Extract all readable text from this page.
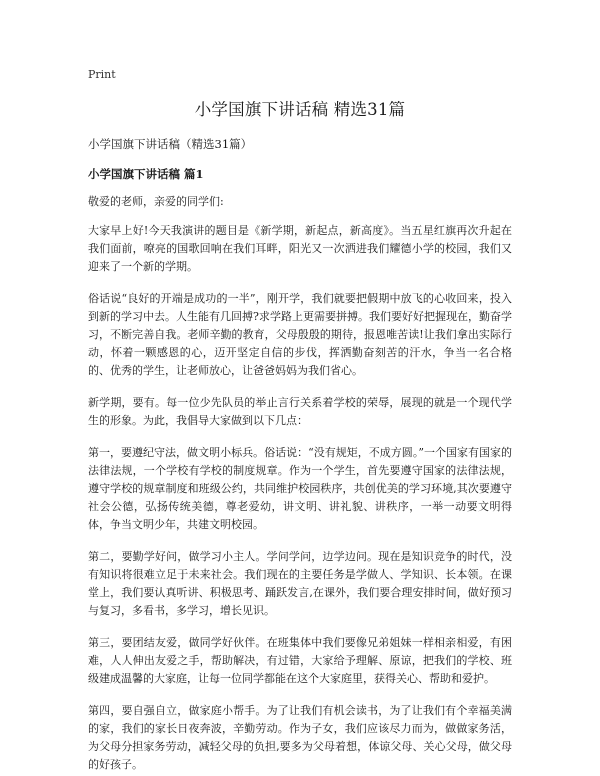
Print
小学国旗下讲话稿 精选31篇
小学国旗下讲话稿（精选31篇）
小学国旗下讲话稿 篇1

敬爱的老师，亲爱的同学们:

大家早上好!今天我演讲的题目是《新学期，新起点，新高度》。当五星红旗再次升起在我们面前，嘹亮的国歌回响在我们耳畔，阳光又一次洒进我们耀德小学的校园，我们又迎来了一个新的学期。

俗话说“良好的开端是成功的一半”，刚开学，我们就要把假期中放飞的心收回来，投入到新的学习中去。人生能有几回搏?求学路上更需要拼搏。我们要好好把握现在，勤奋学习，不断完善自我。老师辛勤的教育，父母殷殷的期待，报恩唯苦读!让我们拿出实际行动，怀着一颗感恩的心，迈开坚定自信的步伐，挥洒勤奋刻苦的汗水，争当一名合格的、优秀的学生，让老师放心，让爸爸妈妈为我们省心。

新学期，要有。每一位少先队员的举止言行关系着学校的荣辱，展现的就是一个现代学生的形象。为此，我倡导大家做到以下几点：

第一，要遵纪守法，做文明小标兵。俗话说：“没有规矩，不成方圆。”一个国家有国家的法律法规，一个学校有学校的制度规章。作为一个学生，首先要遵守国家的法律法规，遵守学校的规章制度和班级公约，共同维护校园秩序，共创优美的学习环境,其次要遵守社会公德，弘扬传统美德，尊老爱幼，讲文明、讲礼貌、讲秩序，一举一动要文明得体，争当文明少年，共建文明校园。

第二，要勤学好问，做学习小主人。学问学问，边学边问。现在是知识竞争的时代，没有知识将很难立足于未来社会。我们现在的主要任务是学做人、学知识、长本领。在课堂上，我们要认真听讲、积极思考、踊跃发言,在课外，我们要合理安排时间，做好预习与复习，多看书，多学习，增长见识。

第三，要团结友爱，做同学好伙伴。在班集体中我们要像兄弟姐妹一样相亲相爱，有困难，人人伸出友爱之手，帮助解决，有过错，大家给予理解、原谅，把我们的学校、班级建成温馨的大家庭，让每一位同学都能在这个大家庭里，获得关心、帮助和爱护。

第四，要自强自立，做家庭小帮手。为了让我们有机会读书，为了让我们有个幸福美满的家，我们的家长日夜奔波，辛勤劳动。作为子女，我们应该尽力而为，做做家务活，为父母分担家务劳动，减轻父母的负担,要多为父母着想，体谅父母、关心父母，做父母的好孩子。
